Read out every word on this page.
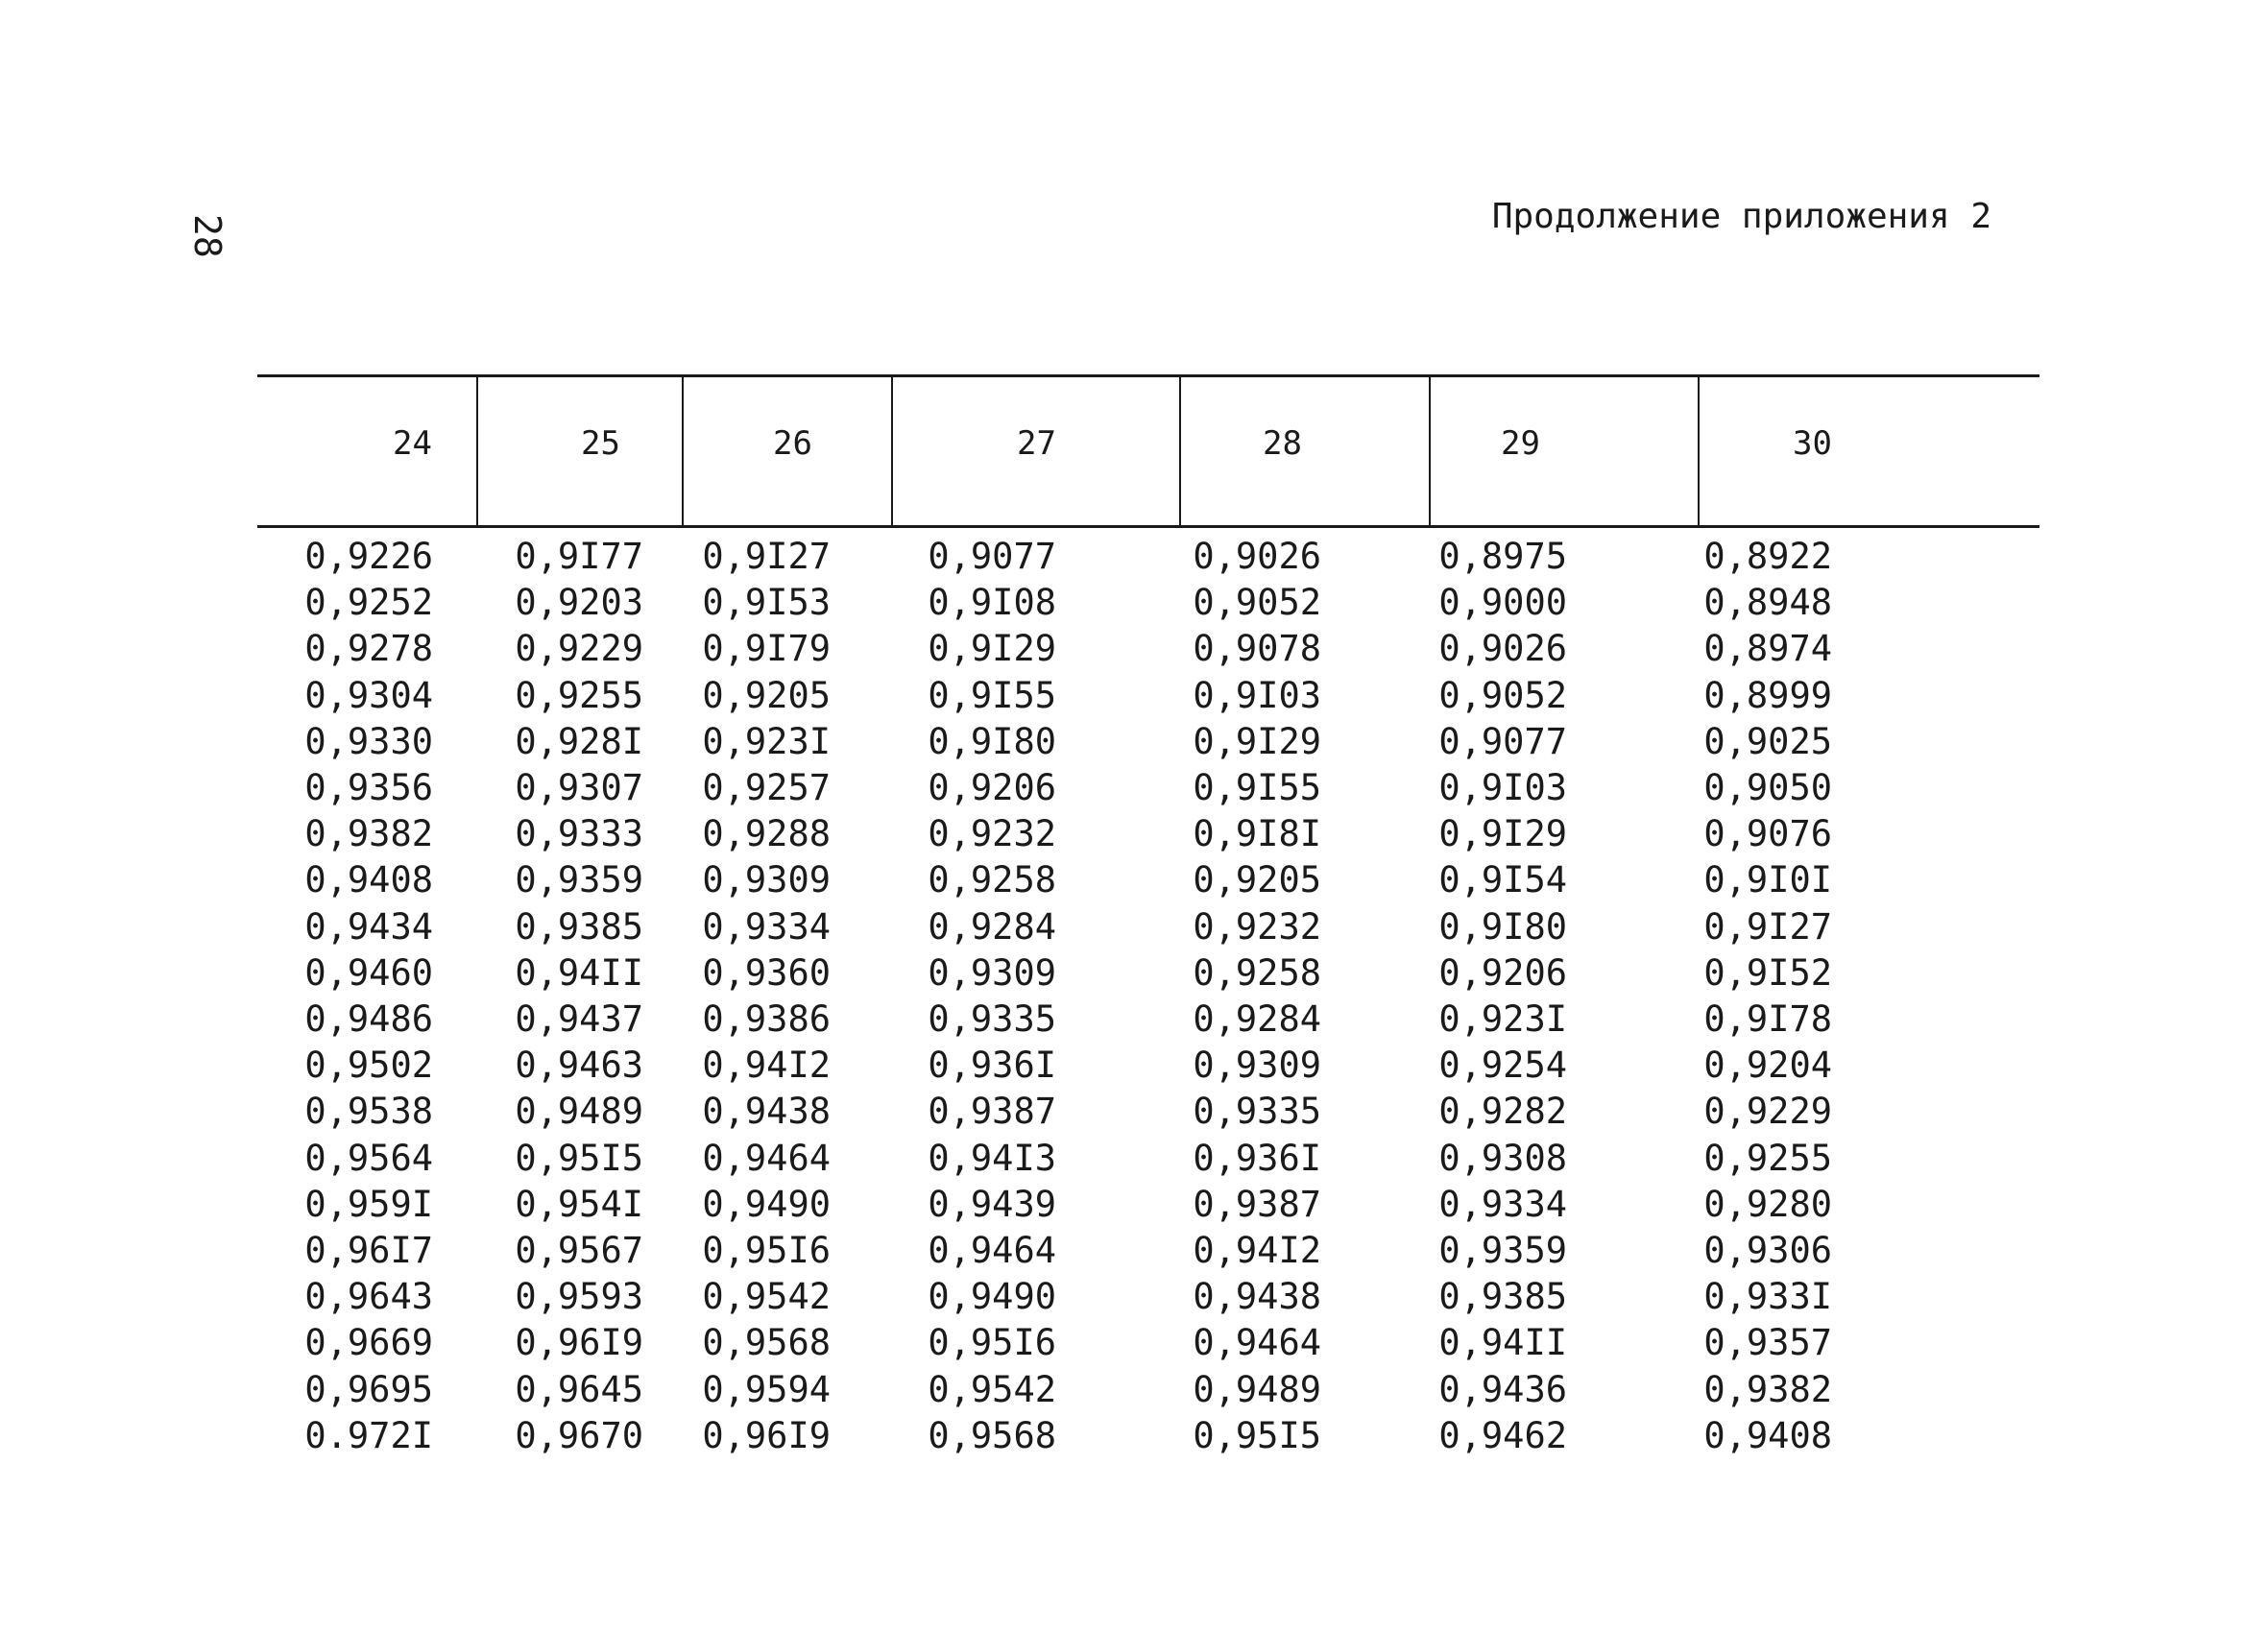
28	Продолжение приложения 2
24	25	26	27	28	29	30
0,9226 0,9I77 0,9I27	0,9077	0,9026	0,8975	0,8922
0,9252 0,9203 0,9I53	0,9I08	0,9052	0,9000	0,8948
0,9278 0,9229 0,9I79	0,9I29	0,9078	0,9026	0,8974
0,9304 0,9255 0,9205	0,9I55	0,9I03	0,9052	0,8999
0,9330 0,928I 0,923I	0,9I80	0,9I29	0,9077	0,9025
0,9356 0,9307 0,9257	0,9206	0,9I55	0,9I03	0,9050
0,9382 0,9333 0,9288	0,9232	0,9I8I	0,9I29	0,9076
0,9408 0,9359 0,9309	0,9258	0,9205	0,9I54	0,9I0I
0,9434 0,9385 0,9334	0,9284	0,9232	0,9I80	0,9I27
0,9460 0,94II 0,9360	0,9309	0,9258	0,9206	0,9I52
0,9486 0,9437 0,9386	0,9335	0,9284	0,923I	0,9I78
0,9502 0,9463 0,94I2	0,936I	0,9309	0,9254	0,9204
0,9538 0,9489 0,9438	0,9387	0,9335	0,9282	0,9229
0,9564 0,95I5 0,9464	0,94I3	0,936I	0,9308	0,9255
0,959I 0,954I 0,9490	0,9439	0,9387	0,9334	0,9280
0,96I7 0,9567 0,95I6	0,9464	0,94I2	0,9359	0,9306
0,9643 0,9593 0,9542	0,9490	0,9438	0,9385	0,933I
0,9669 0,96I9 0,9568	0,95I6	0,9464	0,94II	0,9357
0,9695 0,9645 0,9594	0,9542	0,9489	0,9436	0,9382
0.972I 0,9670 0,96I9	0,9568	0,95I5	0,9462	0,9408
